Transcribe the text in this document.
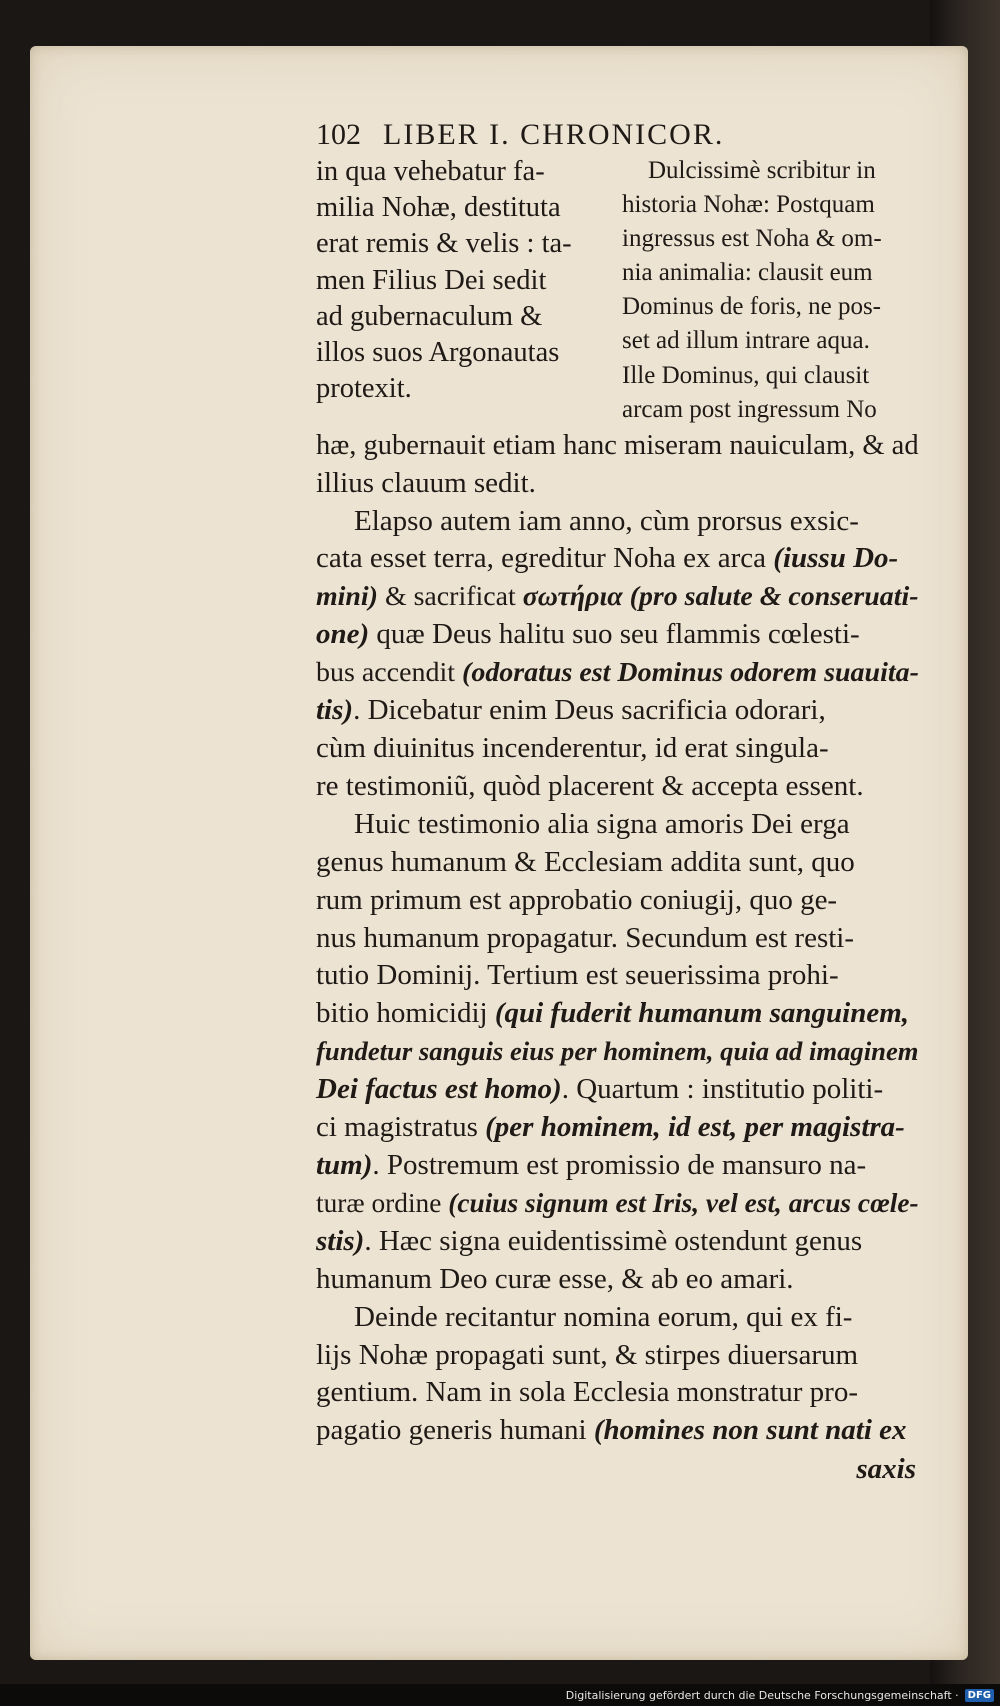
102 LIBER I. CHRONICOR.
in qua vehebatur fa-
milia Nohæ, destituta
erat remis & velis : ta-
men Filius Dei sedit
ad gubernaculum &
illos suos Argonautas
protexit.
Dulcissimè scribitur in
historia Nohæ: Postquam
ingressus est Noha & om-
nia animalia: clausit eum
Dominus de foris, ne pos-
set ad illum intrare aqua.
Ille Dominus, qui clausit
arcam post ingressum No
hæ, gubernauit etiam hanc miseram nauiculam, & ad
illius clauum sedit.
Elapso autem iam anno, cùm prorsus exsic-
cata esset terra, egreditur Noha ex arca (iussu Do-
mini) & sacrificat σωτήρια (pro salute & conseruati-
one) quæ Deus halitu suo seu flammis cœlesti-
bus accendit (odoratus est Dominus odorem suauita-
tis). Dicebatur enim Deus sacrificia odorari,
cùm diuinitus incenderentur, id erat singula-
re testimoniũ, quòd placerent & accepta essent.
Huic testimonio alia signa amoris Dei erga
genus humanum & Ecclesiam addita sunt, quo
rum primum est approbatio coniugij, quo ge-
nus humanum propagatur. Secundum est resti-
tutio Dominij. Tertium est seuerissima prohi-
bitio homicidij (qui fuderit humanum sanguinem,
fundetur sanguis eius per hominem, quia ad imaginem
Dei factus est homo). Quartum : institutio politi-
ci magistratus (per hominem, id est, per magistra-
tum). Postremum est promissio de mansuro na-
turæ ordine (cuius signum est Iris, vel est, arcus cœle-
stis). Hæc signa euidentissimè ostendunt genus
humanum Deo curæ esse, & ab eo amari.
Deinde recitantur nomina eorum, qui ex fi-
lijs Nohæ propagati sunt, & stirpes diuersarum
gentium. Nam in sola Ecclesia monstratur pro-
pagatio generis humani (homines non sunt nati ex
saxis
Digitalisierung gefördert durch die Deutsche Forschungsgemeinschaft · DFG
